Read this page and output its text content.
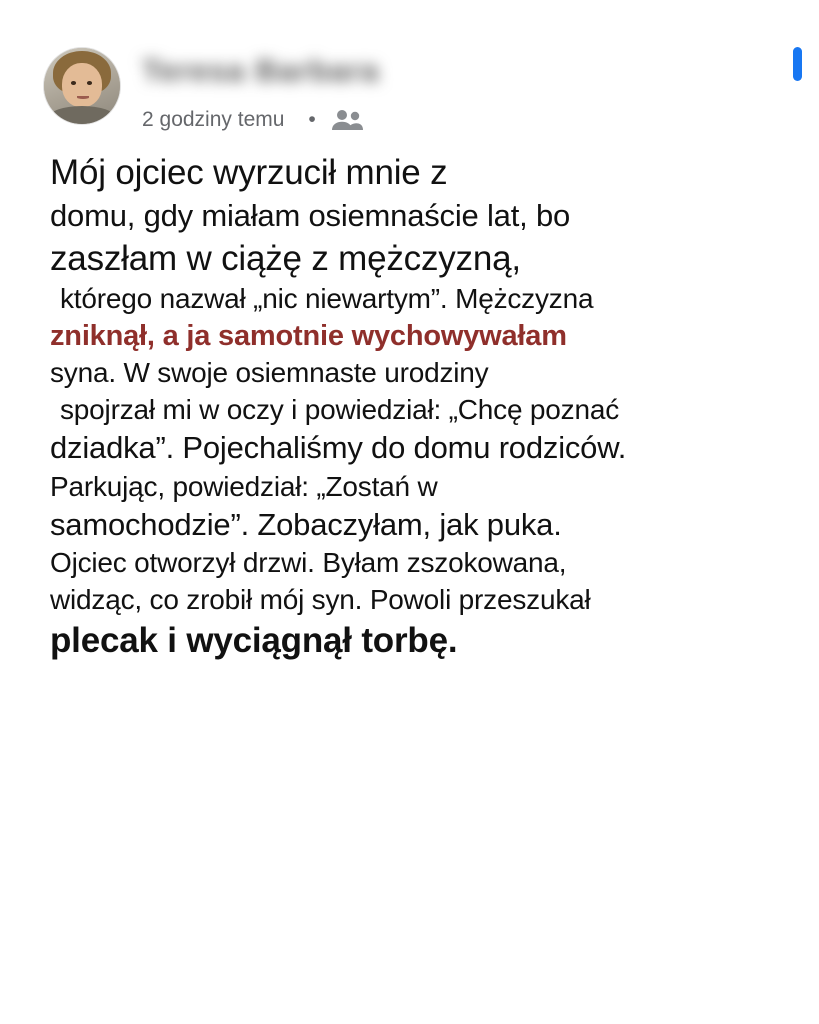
Teresa Barbara
2 godziny temu •
Mój ojciec wyrzucił mnie z
domu, gdy miałam osiemnaście lat, bo
zaszłam w ciążę z mężczyzną,
którego nazwał „nic niewartym”. Mężczyzna
zniknął, a ja samotnie wychowywałam
syna. W swoje osiemnaste urodziny
spojrzał mi w oczy i powiedział: „Chcę poznać
dziadka”. Pojechaliśmy do domu rodziców.
Parkując, powiedział: „Zostań w
samochodzie”. Zobaczyłam, jak puka.
Ojciec otworzył drzwi. Byłam zszokowana,
widząc, co zrobił mój syn. Powoli przeszukał
plecak i wyciągnął torbę.
